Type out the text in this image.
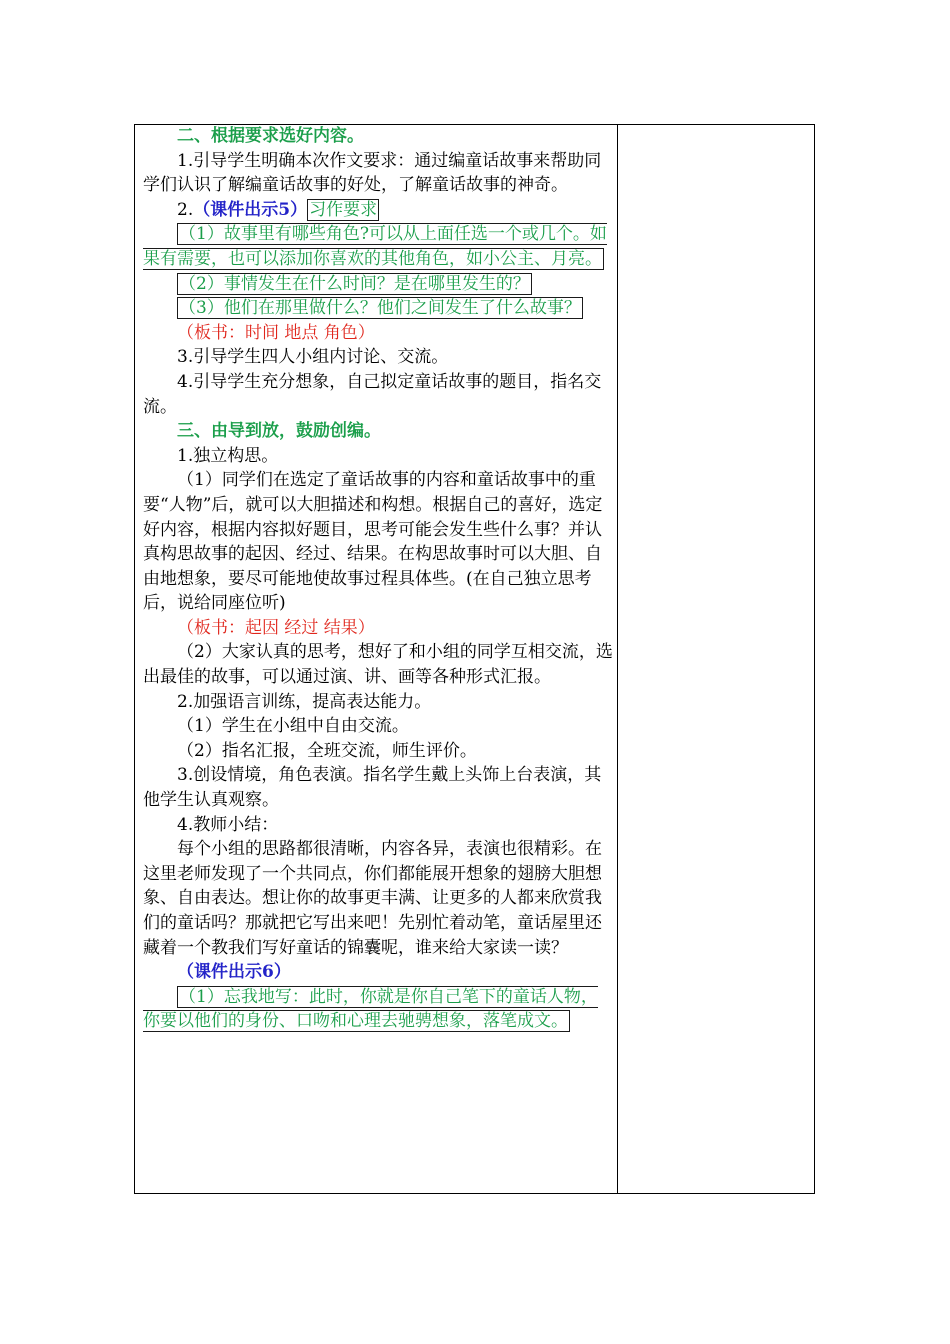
二、根据要求选好内容。

1.引导学生明确本次作文要求：通过编童话故事来帮助同学们认识了解编童话故事的好处，了解童话故事的神奇。

2.（课件出示5） 习作要求

（1）故事里有哪些角色?可以从上面任选一个或几个。如果有需要，也可以添加你喜欢的其他角色，如小公主、月亮。

（2）事情发生在什么时间？是在哪里发生的？

（3）他们在那里做什么？他们之间发生了什么故事？

（板书：时间 地点 角色）

3.引导学生四人小组内讨论、交流。

4.引导学生充分想象，自己拟定童话故事的题目，指名交流。

三、由导到放，鼓励创编。

1.独立构思。

（1）同学们在选定了童话故事的内容和童话故事中的重要“人物”后，就可以大胆描述和构想。根据自己的喜好，选定好内容，根据内容拟好题目，思考可能会发生些什么事？并认真构思故事的起因、经过、结果。在构思故事时可以大胆、自由地想象，要尽可能地使故事过程具体些。(在自己独立思考后，说给同座位听)

（板书：起因 经过 结果）

（2）大家认真的思考，想好了和小组的同学互相交流，选出最佳的故事，可以通过演、讲、画等各种形式汇报。

2.加强语言训练，提高表达能力。

（1）学生在小组中自由交流。

（2）指名汇报，全班交流，师生评价。

3.创设情境，角色表演。指名学生戴上头饰上台表演，其他学生认真观察。

4.教师小结：

每个小组的思路都很清晰，内容各异，表演也很精彩。在这里老师发现了一个共同点，你们都能展开想象的翅膀大胆想象、自由表达。想让你的故事更丰满、让更多的人都来欣赏我们的童话吗？那就把它写出来吧！先别忙着动笔，童话屋里还藏着一个教我们写好童话的锦囊呢，谁来给大家读一读？

（课件出示6）

（1）忘我地写：此时，你就是你自己笔下的童话人物，你要以他们的身份、口吻和心理去驰骋想象，落笔成文。
